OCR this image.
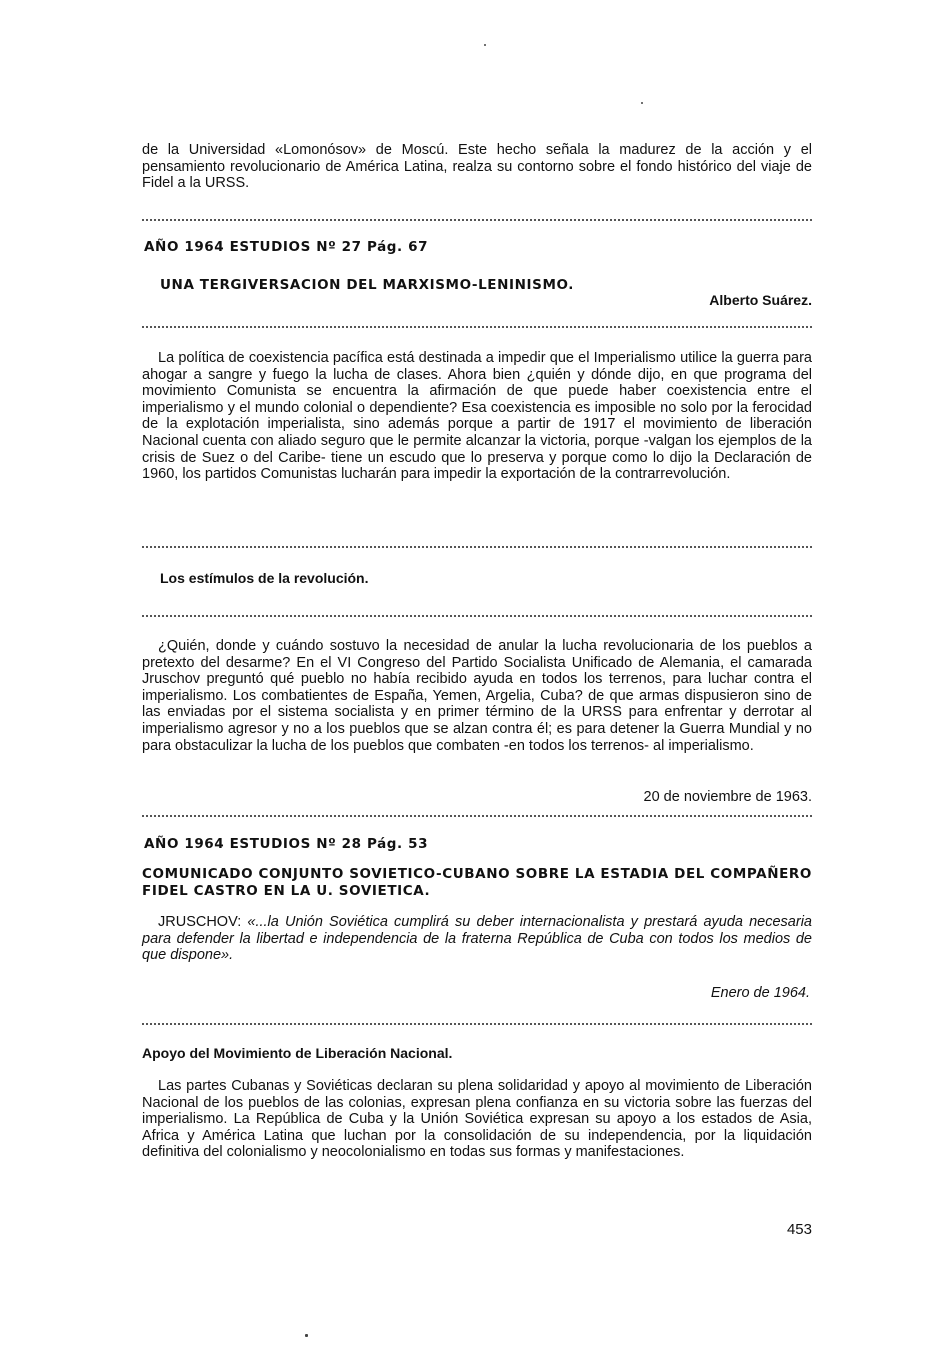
de la Universidad «Lomonósov» de Moscú. Este hecho señala la madurez de la acción y el pensamiento revolucionario de América Latina, realza su contorno sobre el fondo histórico del viaje de Fidel a la URSS.

AÑO 1964 ESTUDIOS Nº 27 Pág. 67

UNA TERGIVERSACION DEL MARXISMO-LENINISMO.

Alberto Suárez.

La política de coexistencia pacífica está destinada a impedir que el Imperialismo utilice la guerra para ahogar a sangre y fuego la lucha de clases. Ahora bien ¿quién y dónde dijo, en que programa del movimiento Comunista se encuentra la afirmación de que puede haber coexistencia entre el imperialismo y el mundo colonial o dependiente? Esa coexistencia es imposible no solo por la ferocidad de la explotación imperialista, sino además porque a partir de 1917 el movimiento de liberación Nacional cuenta con aliado seguro que le permite alcanzar la victoria, porque -valgan los ejemplos de la crisis de Suez o del Caribe- tiene un escudo que lo preserva y porque como lo dijo la Declaración de 1960, los partidos Comunistas lucharán para impedir la exportación de la contrarrevolución.

Los estímulos de la revolución.

¿Quién, donde y cuándo sostuvo la necesidad de anular la lucha revolucionaria de los pueblos a pretexto del desarme? En el VI Congreso del Partido Socialista Unificado de Alemania, el camarada Jruschov preguntó qué pueblo no había recibido ayuda en todos los terrenos, para luchar contra el imperialismo. Los combatientes de España, Yemen, Argelia, Cuba? de que armas dispusieron sino de las enviadas por el sistema socialista y en primer término de la URSS para enfrentar y derrotar al imperialismo agresor y no a los pueblos que se alzan contra él; es para detener la Guerra Mundial y no para obstaculizar la lucha de los pueblos que combaten -en todos los terrenos- al imperialismo.

20 de noviembre de 1963.

AÑO 1964 ESTUDIOS Nº 28 Pág. 53

COMUNICADO CONJUNTO SOVIETICO-CUBANO SOBRE LA ESTADIA DEL COMPAÑERO FIDEL CASTRO EN LA U. SOVIETICA.

JRUSCHOV: «...la Unión Soviética cumplirá su deber internacionalista y prestará ayuda necesaria para defender la libertad e independencia de la fraterna República de Cuba con todos los medios de que dispone».

Enero de 1964.

Apoyo del Movimiento de Liberación Nacional.

Las partes Cubanas y Soviéticas declaran su plena solidaridad y apoyo al movimiento de Liberación Nacional de los pueblos de las colonias, expresan plena confianza en su victoria sobre las fuerzas del imperialismo. La República de Cuba y la Unión Soviética expresan su apoyo a los estados de Asia, Africa y América Latina que luchan por la consolidación de su independencia, por la liquidación definitiva del colonialismo y neocolonialismo en todas sus formas y manifestaciones.

453
